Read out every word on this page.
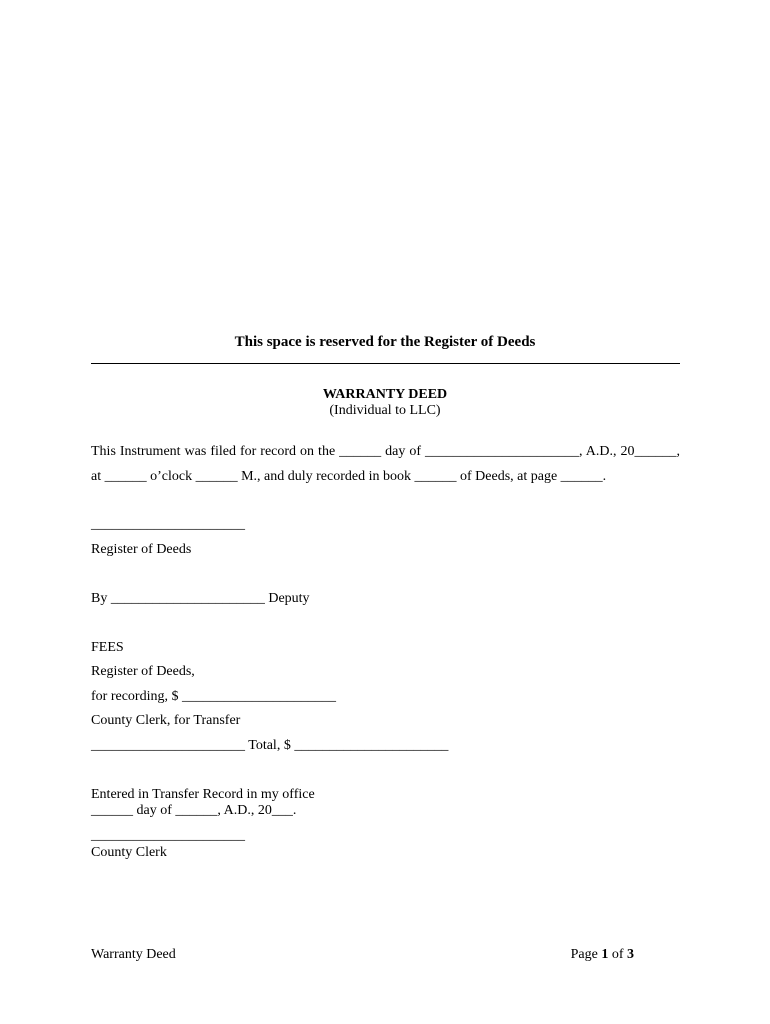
This space is reserved for the Register of Deeds
WARRANTY DEED
(Individual to LLC)
This Instrument was filed for record on the ______ day of ______________________, A.D., 20______,
at ______ o’clock ______ M., and duly recorded in book ______ of Deeds, at page ______.
______________________
Register of Deeds
By ______________________ Deputy
FEES
Register of Deeds,
for recording, $ ______________________
County Clerk, for Transfer
______________________ Total, $ ______________________
Entered in Transfer Record in my office
______ day of ______, A.D., 20___.
______________________
County Clerk
Warranty Deed	Page 1 of 3
